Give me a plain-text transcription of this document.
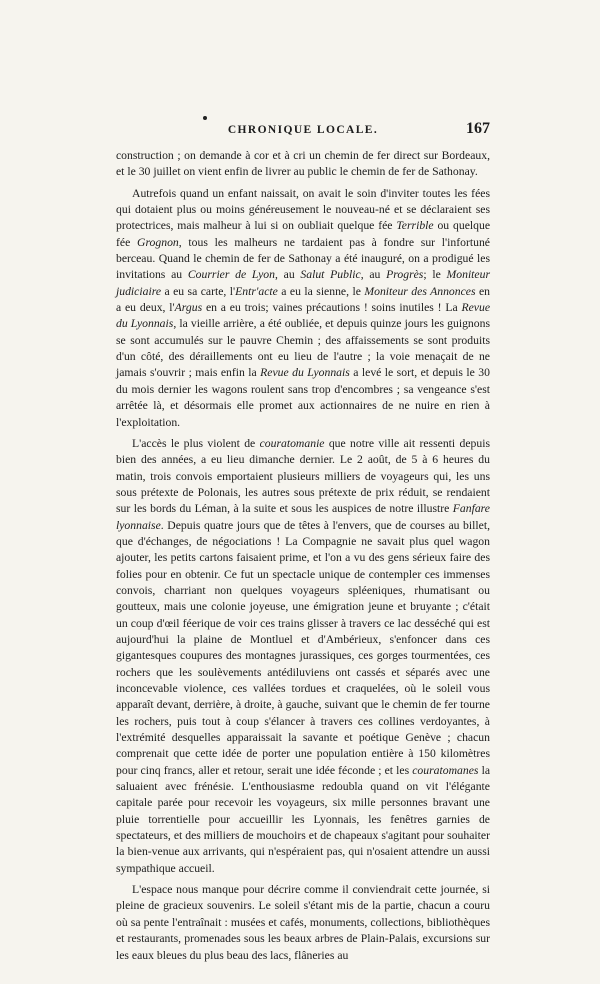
CHRONIQUE LOCALE.	167

construction ; on demande à cor et à cri un chemin de fer direct sur Bordeaux, et le 30 juillet on vient enfin de livrer au public le chemin de fer de Sathonay.

Autrefois quand un enfant naissait, on avait le soin d'inviter toutes les fées qui dotaient plus ou moins généreusement le nouveau-né et se déclaraient ses protectrices, mais malheur à lui si on oubliait quelque fée Terrible ou quelque fée Grognon, tous les malheurs ne tardaient pas à fondre sur l'infortuné berceau. Quand le chemin de fer de Sathonay a été inauguré, on a prodigué les invitations au Courrier de Lyon, au Salut Public, au Progrès; le Moniteur judiciaire a eu sa carte, l'Entr'acte a eu la sienne, le Moniteur des Annonces en a eu deux, l'Argus en a eu trois; vaines précautions ! soins inutiles ! La Revue du Lyonnais, la vieille arrière, a été oubliée, et depuis quinze jours les guignons se sont accumulés sur le pauvre Chemin ; des affaissements se sont produits d'un côté, des déraillements ont eu lieu de l'autre ; la voie menaçait de ne jamais s'ouvrir ; mais enfin la Revue du Lyonnais a levé le sort, et depuis le 30 du mois dernier les wagons roulent sans trop d'encombres ; sa vengeance s'est arrêtée là, et désormais elle promet aux actionnaires de ne nuire en rien à l'exploitation.

L'accès le plus violent de couratomanie que notre ville ait ressenti depuis bien des années, a eu lieu dimanche dernier. Le 2 août, de 5 à 6 heures du matin, trois convois emportaient plusieurs milliers de voyageurs qui, les uns sous prétexte de Polonais, les autres sous prétexte de prix réduit, se rendaient sur les bords du Léman, à la suite et sous les auspices de notre illustre Fanfare lyonnaise. Depuis quatre jours que de têtes à l'envers, que de courses au billet, que d'échanges, de négociations ! La Compagnie ne savait plus quel wagon ajouter, les petits cartons faisaient prime, et l'on a vu des gens sérieux faire des folies pour en obtenir. Ce fut un spectacle unique de contempler ces immenses convois, charriant non quelques voyageurs spléeniques, rhumatisant ou goutteux, mais une colonie joyeuse, une émigration jeune et bruyante ; c'était un coup d'œil féerique de voir ces trains glisser à travers ce lac desséché qui est aujourd'hui la plaine de Montluel et d'Ambérieux, s'enfoncer dans ces gigantesques coupures des montagnes jurassiques, ces gorges tourmentées, ces rochers que les soulèvements antédiluviens ont cassés et séparés avec une inconcevable violence, ces vallées tordues et craquelées, où le soleil vous apparaît devant, derrière, à droite, à gauche, suivant que le chemin de fer tourne les rochers, puis tout à coup s'élancer à travers ces collines verdoyantes, à l'extrémité desquelles apparaissait la savante et poétique Genève ; chacun comprenait que cette idée de porter une population entière à 150 kilomètres pour cinq francs, aller et retour, serait une idée féconde ; et les couratomanes la saluaient avec frénésie. L'enthousiasme redoubla quand on vit l'élégante capitale parée pour recevoir les voyageurs, six mille personnes bravant une pluie torrentielle pour accueillir les Lyonnais, les fenêtres garnies de spectateurs, et des milliers de mouchoirs et de chapeaux s'agitant pour souhaiter la bien-venue aux arrivants, qui n'espéraient pas, qui n'osaient attendre un aussi sympathique accueil.

L'espace nous manque pour décrire comme il conviendrait cette journée, si pleine de gracieux souvenirs. Le soleil s'étant mis de la partie, chacun a couru où sa pente l'entraînait : musées et cafés, monuments, collections, bibliothèques et restaurants, promenades sous les beaux arbres de Plain-Palais, excursions sur les eaux bleues du plus beau des lacs, flâneries au
